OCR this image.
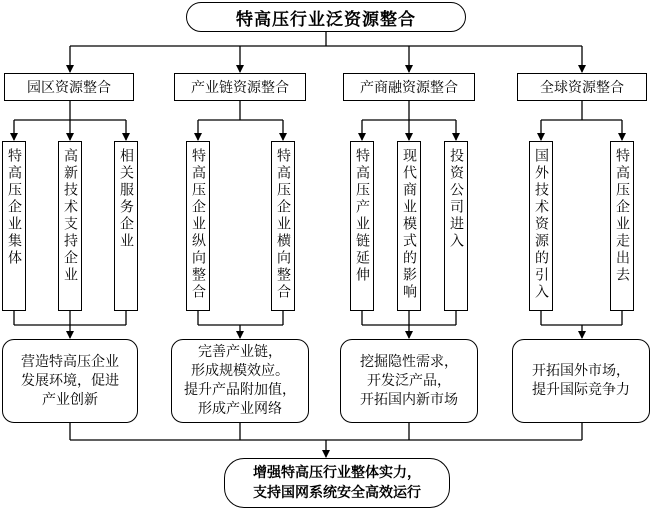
特高压行业泛资源整合
园区资源整合	产业链资源整合	产商融资源整合	全球资源整合
特高压企业集体	高新技术支持企业	相关服务企业	特高压企业纵向整合	特高压企业横向整合	特高压产业链延伸 现代商业模式的影响 投资公司进入	国外技术资源的引入	特高压企业走出去
营造特高压企业
发展环境，促进
产业创新
完善产业链，
形成规模效应。
提升产品附加值，
形成产业网络
挖掘隐性需求，
开发泛产品，
开拓国内新市场
开拓国外市场，
提升国际竞争力
增强特高压行业整体实力，
支持国网系统安全高效运行
